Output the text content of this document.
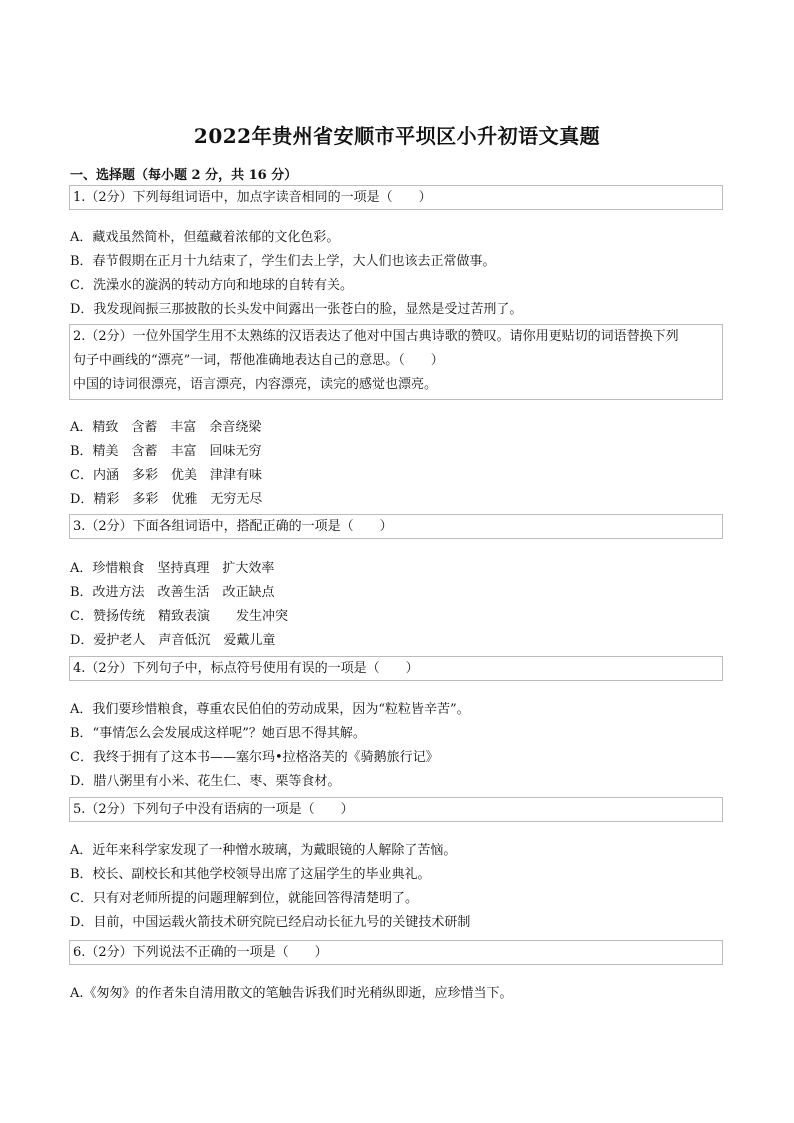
2022年贵州省安顺市平坝区小升初语文真题
一、选择题（每小题 2 分，共 16 分）
1.（2分）下列每组词语中，加点字读音相同的一项是（　　）
A．藏戏虽然简朴，但蕴藏着浓郁的文化色彩。
B．春节假期在正月十九结束了，学生们去上学，大人们也该去正常做事。
C．洗澡水的漩涡的转动方向和地球的自转有关。
D．我发现阎振三那披散的长头发中间露出一张苍白的脸，显然是受过苦刑了。
2.（2分）一位外国学生用不太熟练的汉语表达了他对中国古典诗歌的赞叹。请你用更贴切的词语替换下列
句子中画线的“漂亮”一词，帮他准确地表达自己的意思。（　　）
中国的诗词很漂亮，语言漂亮，内容漂亮，读完的感觉也漂亮。
A．精致　含蓄　丰富　余音绕梁
B．精美　含蓄　丰富　回味无穷
C．内涵　多彩　优美　津津有味
D．精彩　多彩　优雅　无穷无尽
3.（2分）下面各组词语中，搭配正确的一项是（　　）
A．珍惜粮食　坚持真理　扩大效率
B．改进方法　改善生活　改正缺点
C．赞扬传统　精致表演　　发生冲突
D．爱护老人　声音低沉　爱戴儿童
4.（2分）下列句子中，标点符号使用有误的一项是（　　）
A．我们要珍惜粮食，尊重农民伯伯的劳动成果，因为“粒粒皆辛苦”。
B．“事情怎么会发展成这样呢”？她百思不得其解。
C．我终于拥有了这本书——塞尔玛•拉格洛芙的《骑鹅旅行记》
D．腊八粥里有小米、花生仁、枣、栗等食材。
5.（2分）下列句子中没有语病的一项是（　　）
A．近年来科学家发现了一种憎水玻璃，为戴眼镜的人解除了苦恼。
B．校长、副校长和其他学校领导出席了这届学生的毕业典礼。
C．只有对老师所提的问题理解到位，就能回答得清楚明了。
D．目前，中国运载火箭技术研究院已经启动长征九号的关键技术研制
6.（2分）下列说法不正确的一项是（　　）
A.《匆匆》的作者朱自清用散文的笔触告诉我们时光稍纵即逝，应珍惜当下。
